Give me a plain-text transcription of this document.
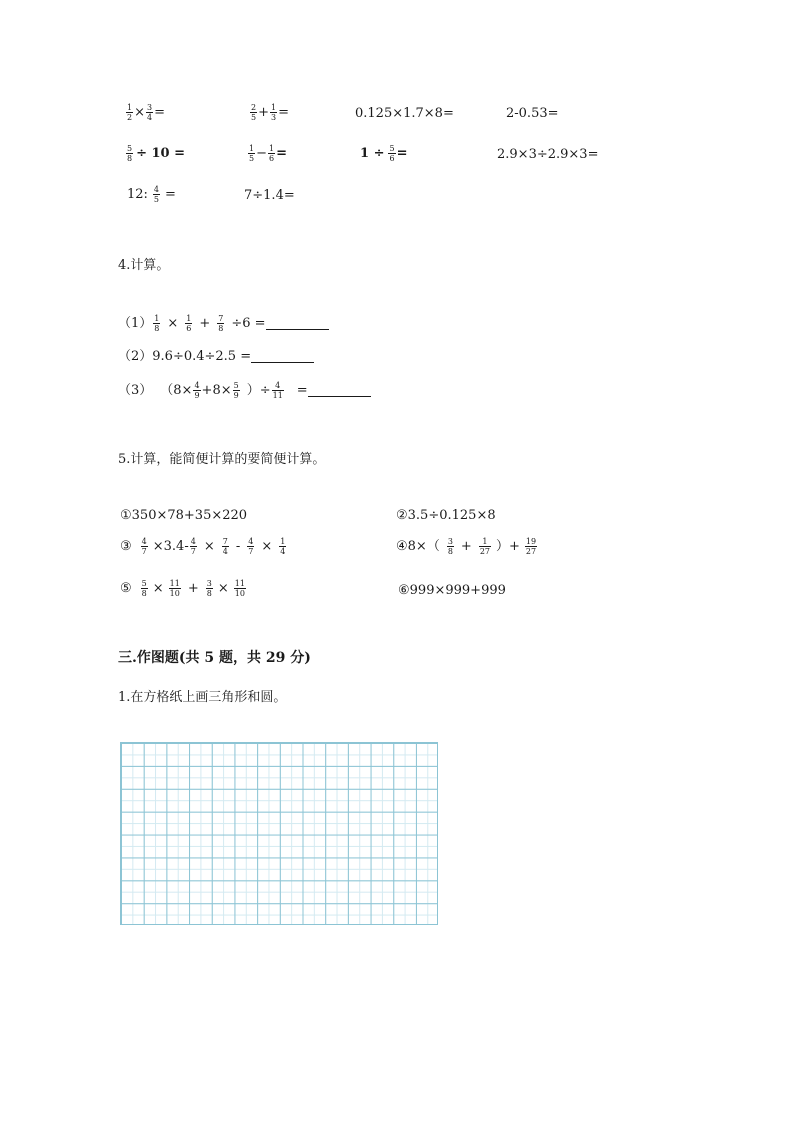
$\frac{1}{2} \times \frac{3}{4}$ =	$\frac{2}{5} + \frac{1}{3}$ =	0.125×1.7×8=	2-0.53=
$\frac{5}{8} \div 10$ =	$\frac{1}{5} - \frac{1}{6}$ =	$1 \div \frac{5}{6}$ =	2.9×3÷2.9×3=
12: $\frac{4}{5}$ =	7÷1.4=
4.计算。
$(1) \frac{1}{8} \times \frac{1}{6} + \frac{7}{8} \div 6$ =
（2）9.6÷0.4÷2.5 =
（3） （$8\times \frac{4}{9} +8\times \frac{5}{9}$ ）÷ $\frac{4}{11}$ =
5.计算，能简便计算的要简便计算。
①350×78+35×220	②3.5÷0.125×8
③ $\frac{4}{7} \times 3.4- \frac{4}{7} \times \frac{7}{4} - \frac{4}{7} \times \frac{1}{4}$	④8×（ $\frac{3}{8} + \frac{1}{27}$ ）+ $\frac{19}{27}$
⑤ $\frac{5}{8} \times \frac{11}{10} + \frac{3}{8} \times \frac{11}{10}$	⑥999×999+999
三.作图题(共 5 题，共 29 分)
1.在方格纸上画三角形和圆。
